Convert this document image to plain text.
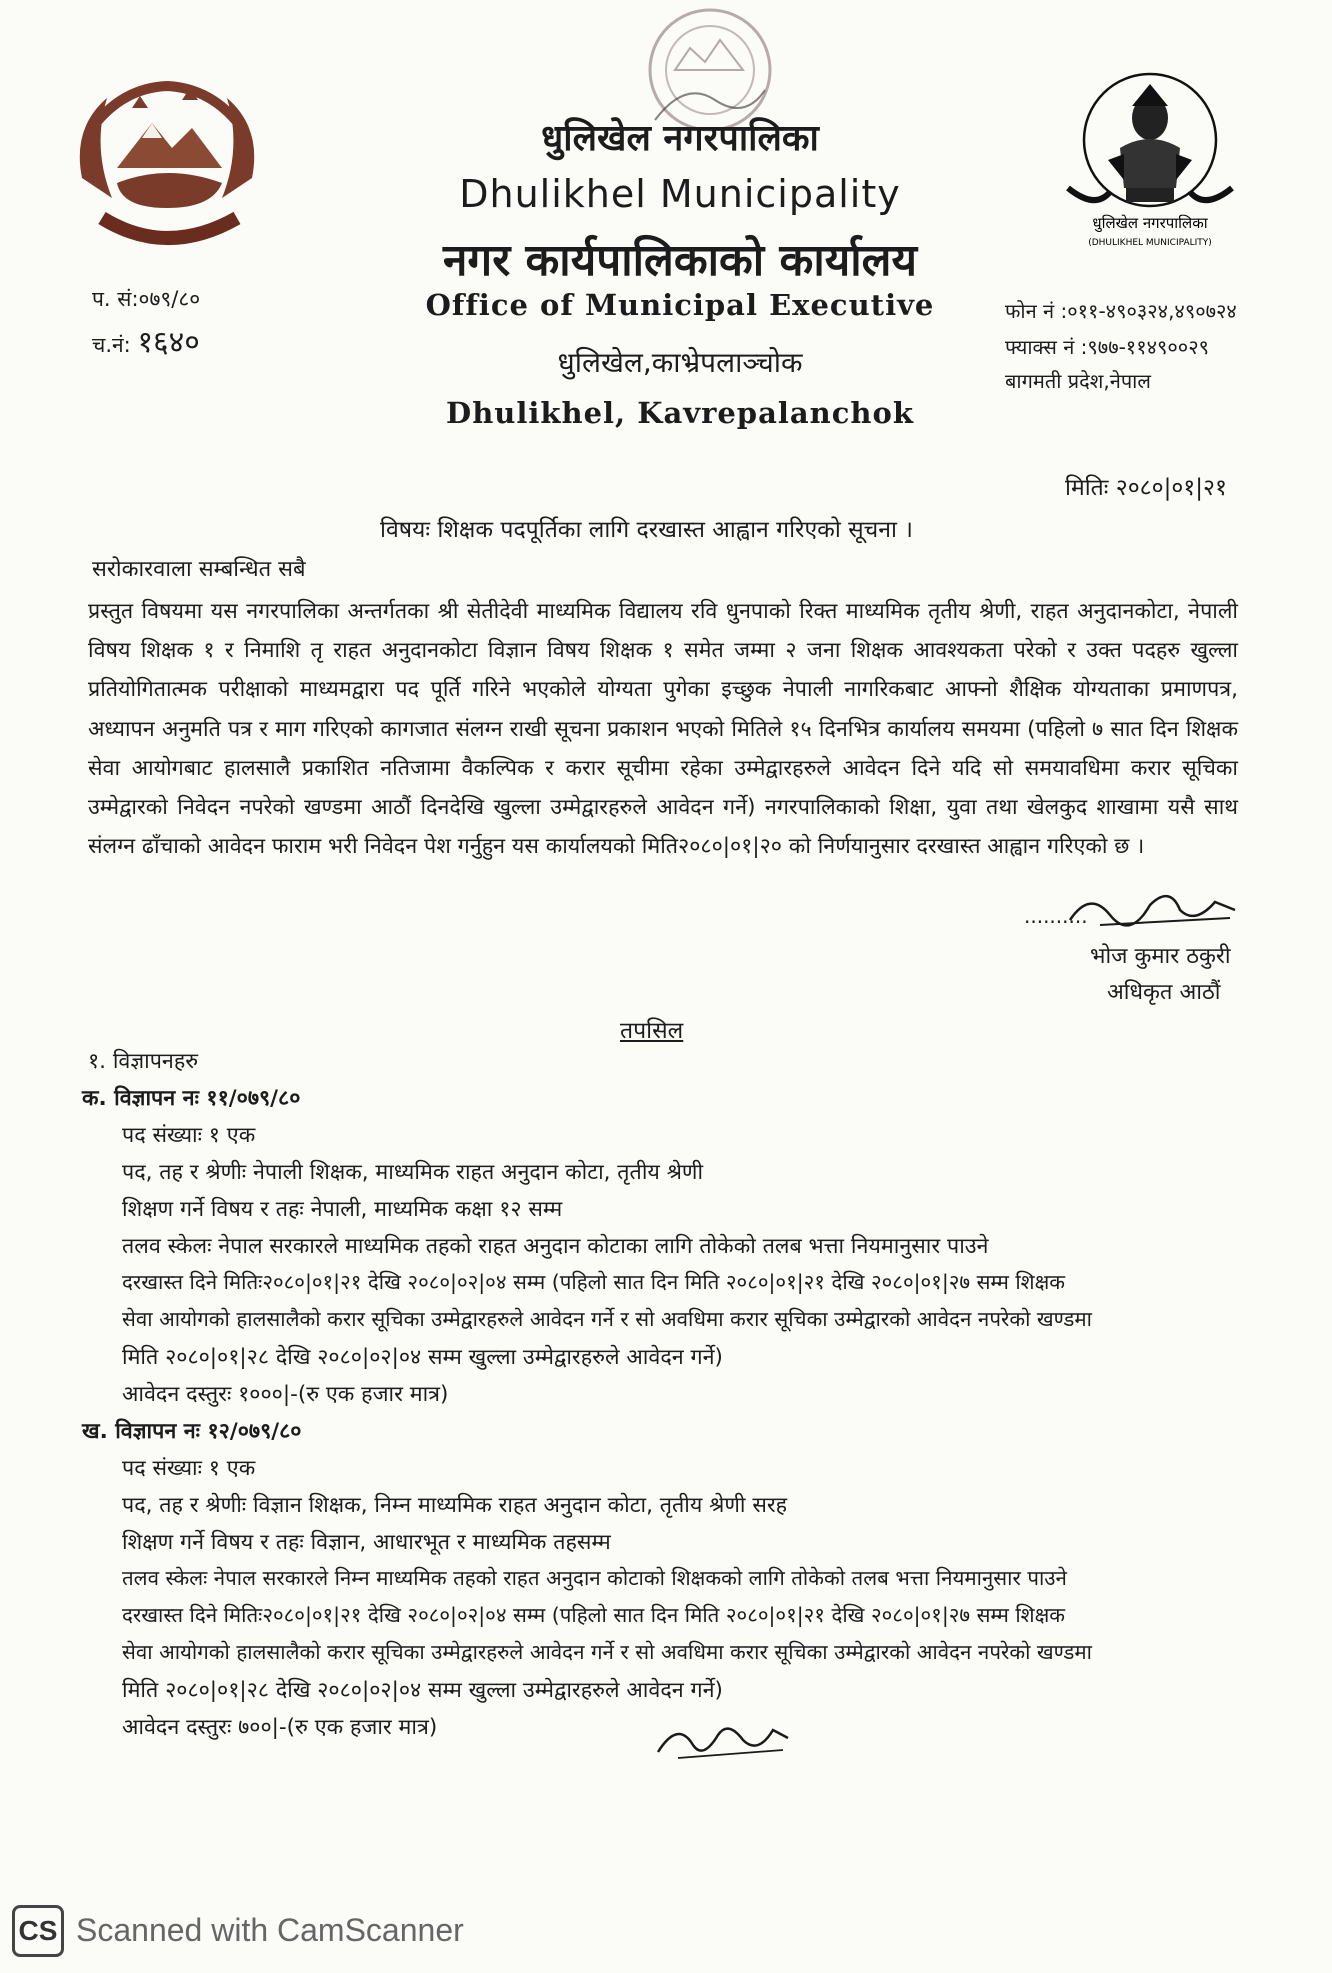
धुलिखेल नगरपालिका
(DHULIKHEL MUNICIPALITY)
धुलिखेल नगरपालिका
Dhulikhel Municipality
नगर कार्यपालिकाको कार्यालय
Office of Municipal Executive
धुलिखेल,काभ्रेपलाञ्चोक
Dhulikhel, Kavrepalanchok
प. सं:०७९/८०
च.नं: १६४०
फोन नं :०११-४९०३२४,४९०७२४
फ्याक्स नं :९७७-११४९००२९
बागमती प्रदेश,नेपाल
मितिः २०८०|०१|२१
विषयः शिक्षक पदपूर्तिका लागि दरखास्त आह्वान गरिएको सूचना ।
सरोकारवाला सम्बन्धित सबै
प्रस्तुत विषयमा यस नगरपालिका अन्तर्गतका श्री सेतीदेवी माध्यमिक विद्यालय रवि धुनपाको रिक्त माध्यमिक तृतीय श्रेणी, राहत अनुदानकोटा, नेपाली विषय शिक्षक १ र निमाशि तृ राहत अनुदानकोटा विज्ञान विषय शिक्षक १ समेत जम्मा २ जना शिक्षक आवश्यकता परेको र उक्त पदहरु खुल्ला प्रतियोगितात्मक परीक्षाको माध्यमद्वारा पद पूर्ति गरिने भएकोले योग्यता पुगेका इच्छुक नेपाली नागरिकबाट आफ्नो शैक्षिक योग्यताका प्रमाणपत्र, अध्यापन अनुमति पत्र र माग गरिएको कागजात संलग्न राखी सूचना प्रकाशन भएको मितिले १५ दिनभित्र कार्यालय समयमा (पहिलो ७ सात दिन शिक्षक सेवा आयोगबाट हालसालै प्रकाशित नतिजामा वैकल्पिक र करार सूचीमा रहेका उम्मेद्वारहरुले आवेदन दिने यदि सो समयावधिमा करार सूचिका उम्मेद्वारको निवेदन नपरेको खण्डमा आठौं दिनदेखि खुल्ला उम्मेद्वारहरुले आवेदन गर्ने) नगरपालिकाको शिक्षा, युवा तथा खेलकुद शाखामा यसै साथ संलग्न ढाँचाको आवेदन फाराम भरी निवेदन पेश गर्नुहुन यस कार्यालयको मिति२०८०|०१|२० को निर्णयानुसार दरखास्त आह्वान गरिएको छ ।
..........
भोज कुमार ठकुरी
अधिकृत आठौं
तपसिल
१. विज्ञापनहरु
क. विज्ञापन नः ११/०७९/८०
पद संख्याः १ एक
पद, तह र श्रेणीः नेपाली शिक्षक, माध्यमिक राहत अनुदान कोटा, तृतीय श्रेणी
शिक्षण गर्ने विषय र तहः नेपाली, माध्यमिक कक्षा १२ सम्म
तलव स्केलः नेपाल सरकारले माध्यमिक तहको राहत अनुदान कोटाका लागि तोकेको तलब भत्ता नियमानुसार पाउने
दरखास्त दिने मितिः२०८०|०१|२१ देखि २०८०|०२|०४ सम्म (पहिलो सात दिन मिति २०८०|०१|२१ देखि २०८०|०१|२७ सम्म शिक्षक
सेवा आयोगको हालसालैको करार सूचिका उम्मेद्वारहरुले आवेदन गर्ने र सो अवधिमा करार सूचिका उम्मेद्वारको आवेदन नपरेको खण्डमा
मिति २०८०|०१|२८ देखि २०८०|०२|०४ सम्म खुल्ला उम्मेद्वारहरुले आवेदन गर्ने)
आवेदन दस्तुरः १०००|-(रु एक हजार मात्र)
ख. विज्ञापन नः १२/०७९/८०
पद संख्याः १ एक
पद, तह र श्रेणीः विज्ञान शिक्षक, निम्न माध्यमिक राहत अनुदान कोटा, तृतीय श्रेणी सरह
शिक्षण गर्ने विषय र तहः विज्ञान, आधारभूत र माध्यमिक तहसम्म
तलव स्केलः नेपाल सरकारले निम्न माध्यमिक तहको राहत अनुदान कोटाको शिक्षकको लागि तोकेको तलब भत्ता नियमानुसार पाउने
दरखास्त दिने मितिः२०८०|०१|२१ देखि २०८०|०२|०४ सम्म (पहिलो सात दिन मिति २०८०|०१|२१ देखि २०८०|०१|२७ सम्म शिक्षक
सेवा आयोगको हालसालैको करार सूचिका उम्मेद्वारहरुले आवेदन गर्ने र सो अवधिमा करार सूचिका उम्मेद्वारको आवेदन नपरेको खण्डमा
मिति २०८०|०१|२८ देखि २०८०|०२|०४ सम्म खुल्ला उम्मेद्वारहरुले आवेदन गर्ने)
आवेदन दस्तुरः ७००|-(रु एक हजार मात्र)
CS Scanned with CamScanner
